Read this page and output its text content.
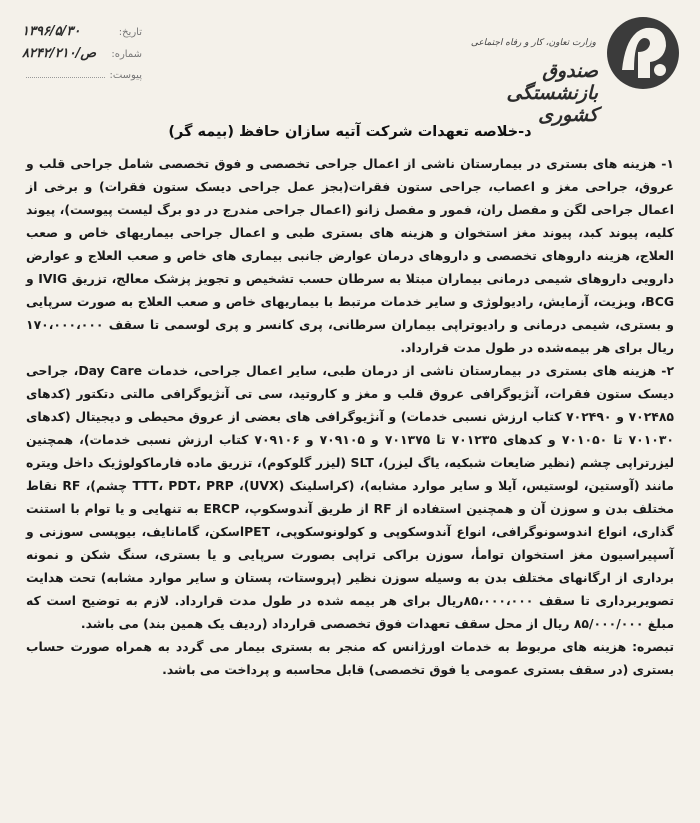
تاریخ:
۱۳۹۶/۵/۳۰
شماره:
۸۲۴۲/ص/۲۱۰
پیوست:
وزارت تعاون، کار و رفاه اجتماعی
صندوق بازنشستگی کشوری
د-خلاصه تعهدات شرکت آتیه سازان حافظ (بیمه گر)

۱- هزینه های بستری در بیمارستان ناشی از اعمال جراحی تخصصی و فوق تخصصی شامل جراحی قلب و عروق، جراحی مغز و اعصاب، جراحی ستون فقرات(بجز عمل جراحی دیسک ستون فقرات) و برخی از اعمال جراحی لگن و مفصل ران، فمور و مفصل زانو (اعمال جراحی مندرج در دو برگ لیست پیوست)، پیوند کلیه، پیوند کبد، پیوند مغز استخوان و هزینه های بستری طبی و اعمال جراحی بیماریهای خاص و صعب العلاج، هزینه داروهای تخصصی و داروهای درمان عوارض جانبی بیماری های خاص و صعب العلاج و عوارض دارویی داروهای شیمی درمانی بیماران مبتلا به سرطان حسب تشخیص و تجویز پزشک معالج، تزریق IVIG و BCG، ویزیت، آزمایش، رادیولوژی و سایر خدمات مرتبط با بیماریهای خاص و صعب العلاج به صورت سرپایی و بستری، شیمی درمانی و رادیوتراپی بیماران سرطانی، پری کانسر و پری لوسمی تا سقف ۱۷۰،۰۰۰،۰۰۰ ریال برای هر بیمه‌شده در طول مدت قرارداد.

۲- هزینه های بستری در بیمارستان ناشی از درمان طبی، سایر اعمال جراحی، خدمات Day Care، جراحی دیسک ستون فقرات، آنژیوگرافی عروق قلب و مغز و کاروتید، سی تی آنژیوگرافی مالتی دتکتور (کدهای ۷۰۲۴۸۵ و ۷۰۲۴۹۰ کتاب ارزش نسبی خدمات) و آنژیوگرافی های بعضی از عروق محیطی و دیجیتال (کدهای ۷۰۱۰۳۰ تا ۷۰۱۰۵۰ و کدهای ۷۰۱۲۳۵ تا ۷۰۱۳۷۵ و ۷۰۹۱۰۵ و ۷۰۹۱۰۶ کتاب ارزش نسبی خدمات)، همچنین لیزرتراپی چشم (نظیر ضایعات شبکیه، یاگ لیزر)، SLT (لیزر گلوکوم)، تزریق ماده فارماکولوژیک داخل ویتره مانند (آوستین، لوستیس، آیلا و سایر موارد مشابه)، (کراسلینک (UVX)، TTT، PDT، PRP چشم)، RF نقاط مختلف بدن و سوزن آن و همچنین استفاده از RF از طریق آندوسکوپ، ERCP به تنهایی و یا توام با استنت گذاری، انواع اندوسونوگرافی، انواع آندوسکوپی و کولونوسکوپی، PETاسکن، گامانایف، بیوپسی سوزنی و آسپیراسیون مغز استخوان توامأ، سوزن براکی تراپی بصورت سرپایی و یا بستری، سنگ شکن و نمونه برداری از ارگانهای مختلف بدن به وسیله سوزن نظیر (پروستات، پستان و سایر موارد مشابه) تحت هدایت تصویربرداری تا سقف ۸۵،۰۰۰،۰۰۰ریال برای هر بیمه شده در طول مدت قرارداد. لازم به توضیح است که مبلغ ۸۵/۰۰۰/۰۰۰ ریال از محل سقف تعهدات فوق تخصصی قرارداد (ردیف یک همین بند) می باشد.

تبصره: هزینه های مربوط به خدمات اورژانس که منجر به بستری بیمار می گردد به همراه صورت حساب بستری (در سقف بستری عمومی یا فوق تخصصی) قابل محاسبه و پرداخت می باشد.
